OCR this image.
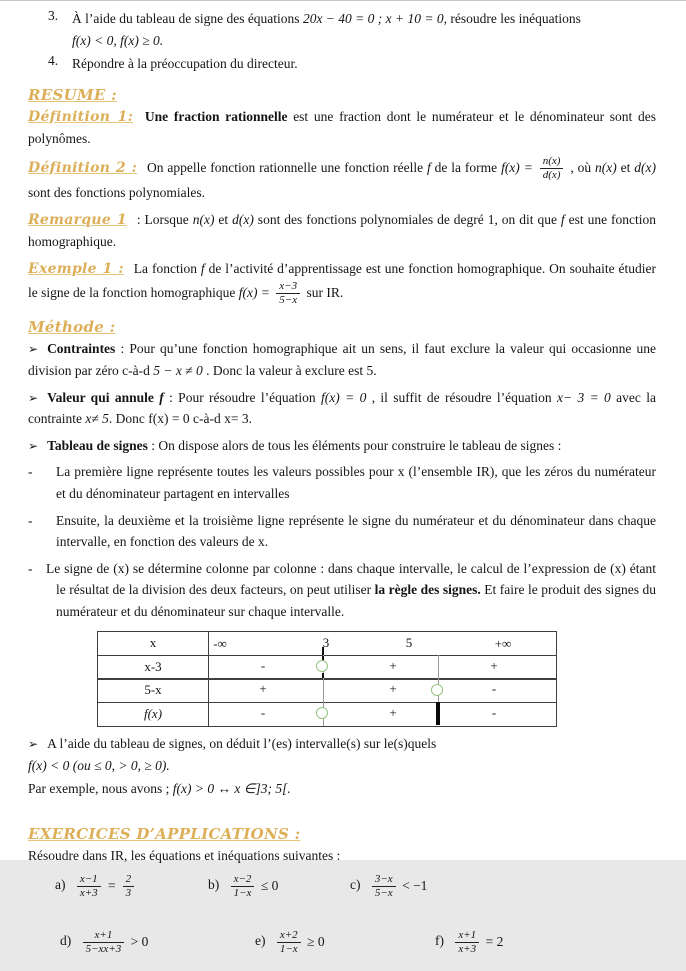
3. À l’aide du tableau de signe des équations 20x − 40 = 0 ; x + 10 = 0, résoudre les inéquations
f(x) < 0, f(x) ≥ 0.

4. Répondre à la préoccupation du directeur.

RESUME :

Définition 1: Une fraction rationnelle est une fraction dont le numérateur et le dénominateur sont des polynômes.

Définition 2 : On appelle fonction rationnelle une fonction réelle f de la forme $f(x) = \frac{n(x)}{d(x)}$ , où n(x) et d(x) sont des fonctions polynomiales.

Remarque 1 : Lorsque n(x) et d(x) sont des fonctions polynomiales de degré 1, on dit que f est une fonction homographique.

Exemple 1 : La fonction f de l’activité d’apprentissage est une fonction homographique. On souhaite étudier le signe de la fonction homographique $f(x) = \frac{x-3}{5-x}$ sur IR.

Méthode :

➢ Contraintes : Pour qu’une fonction homographique ait un sens, il faut exclure la valeur qui occasionne une division par zéro c-à-d 5 − x ≠ 0 . Donc la valeur à exclure est 5.

➢ Valeur qui annule f : Pour résoudre l’équation f(x) = 0 , il suffit de résoudre l’équation x− 3 = 0 avec la contrainte x≠ 5. Donc f(x) = 0 c-à-d x= 3.

➢ Tableau de signes : On dispose alors de tous les éléments pour construire le tableau de signes :

- La première ligne représente toutes les valeurs possibles pour x (l’ensemble IR), que les zéros du numérateur et du dénominateur partagent en intervalles

- Ensuite, la deuxième et la troisième ligne représente le signe du numérateur et du dénominateur dans chaque intervalle, en fonction des valeurs de x.

- Le signe de (x) se détermine colonne par colonne : dans chaque intervalle, le calcul de l’expression de (x) étant le résultat de la division des deux facteurs, on peut utiliser la règle des signes. Et faire le produit des signes du numérateur et du dénominateur sur chaque intervalle.

x	-∞	3	5	+∞
x-3	-	+	+
5-x	+	+	-
f(x)	-	+	-

➢ A l’aide du tableau de signes, on déduit l’(es) intervalle(s) sur le(s)quels

f(x) < 0 (ou ≤ 0, > 0, ≥ 0).

Par exemple, nous avons ; f(x) > 0 ↔ x ∈]3; 5[.

EXERCICES D’APPLICATIONS :

Résoudre dans IR, les équations et inéquations suivantes :

$a) \frac{x-1}{x+3} = \frac{2}{3}$	$b) \frac{x-2}{1-x} \le 0$	$c) \frac{3-x}{5-x} < -1$
$d) \frac{x+1}{5-xx+3} > 0$	$e) \frac{x+2}{1-x} \ge 0$	$f) \frac{x+1}{x+3} = 2$
